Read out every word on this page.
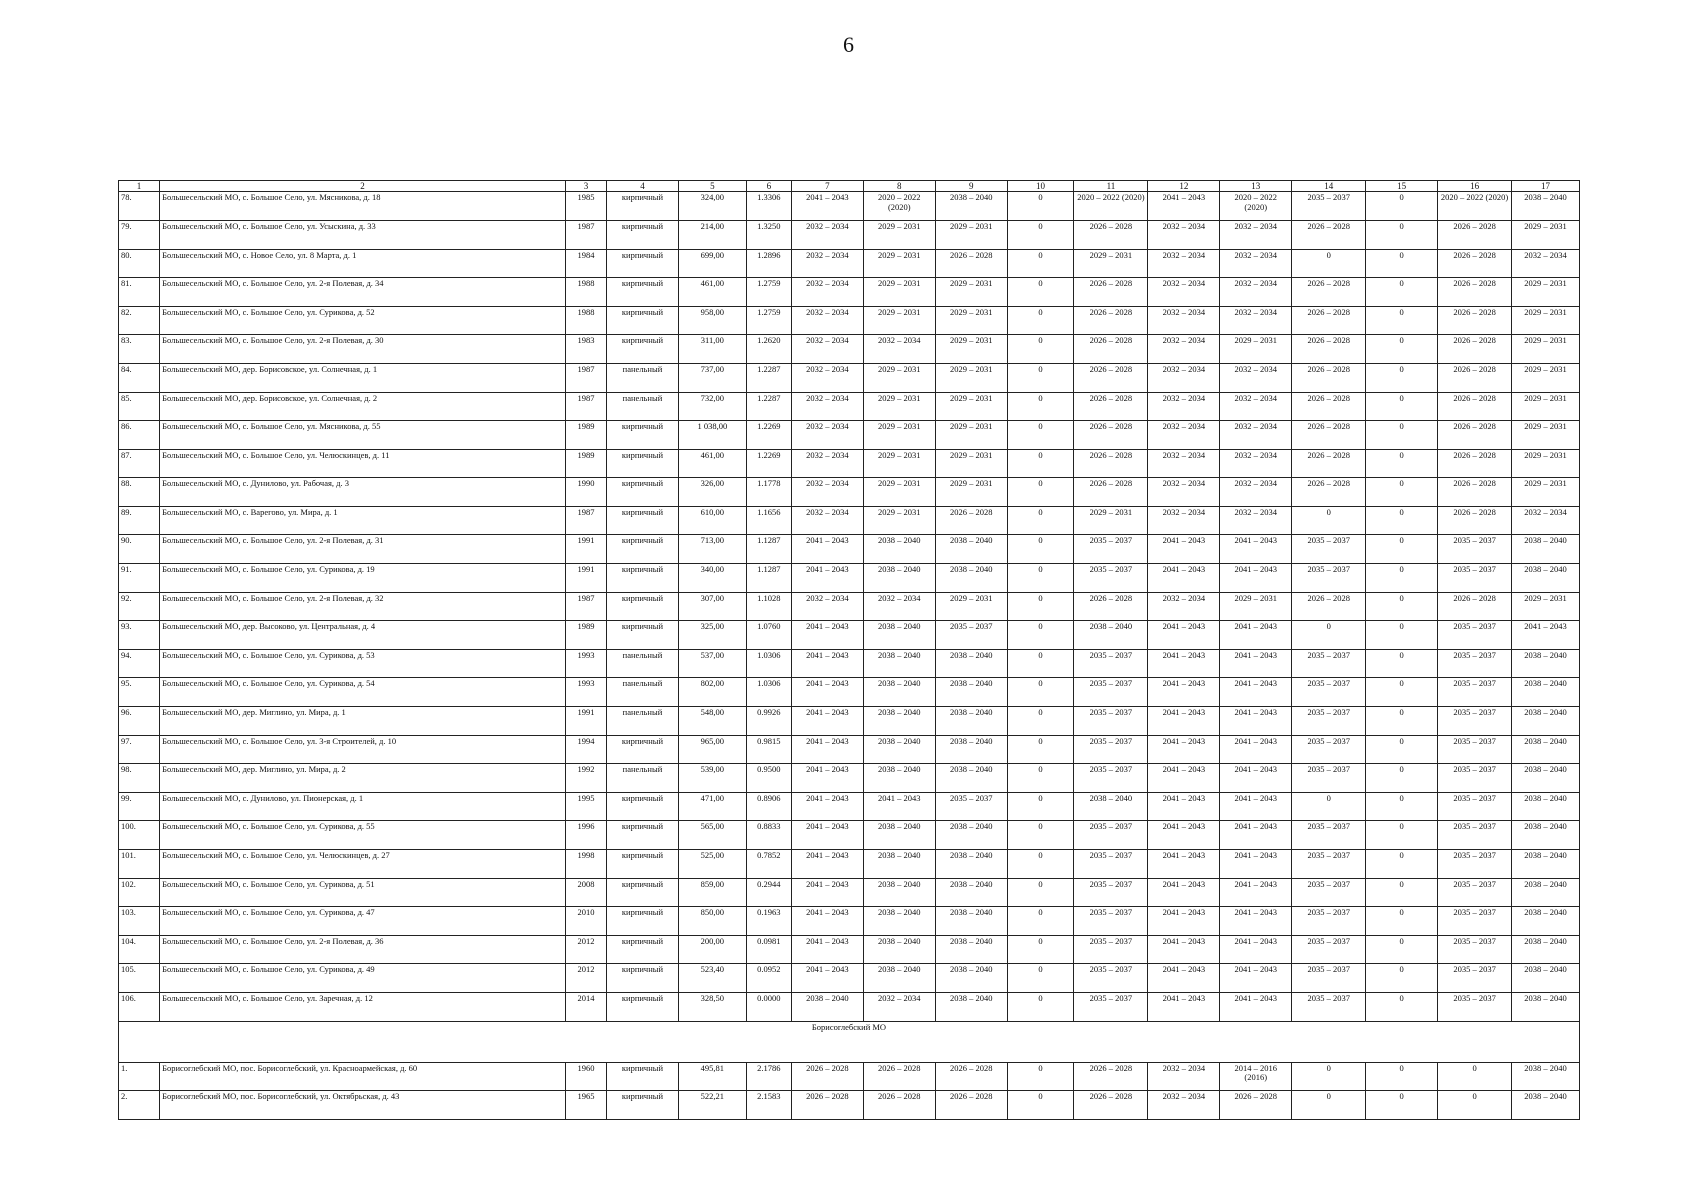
6
1	2	3	4	5	6	7	8	9	10	11	12	13	14	15	16	17
78.	Большесельский МО, с. Большое Село, ул. Мясникова, д. 18	1985	кирпичный	324,00	1.3306	2041 – 2043	2020 – 2022 (2020)	2038 – 2040	0	2020 – 2022 (2020)	2041 – 2043	2020 – 2022 (2020)	2035 – 2037	0	2020 – 2022 (2020)	2038 – 2040
79.	Большесельский МО, с. Большое Село, ул. Усыскина, д. 33	1987	кирпичный	214,00	1.3250	2032 – 2034	2029 – 2031	2029 – 2031	0	2026 – 2028	2032 – 2034	2032 – 2034	2026 – 2028	0	2026 – 2028	2029 – 2031
80.	Большесельский МО, с. Новое Село, ул. 8 Марта, д. 1	1984	кирпичный	699,00	1.2896	2032 – 2034	2029 – 2031	2026 – 2028	0	2029 – 2031	2032 – 2034	2032 – 2034	0	0	2026 – 2028	2032 – 2034
81.	Большесельский МО, с. Большое Село, ул. 2-я Полевая, д. 34	1988	кирпичный	461,00	1.2759	2032 – 2034	2029 – 2031	2029 – 2031	0	2026 – 2028	2032 – 2034	2032 – 2034	2026 – 2028	0	2026 – 2028	2029 – 2031
82.	Большесельский МО, с. Большое Село, ул. Сурикова, д. 52	1988	кирпичный	958,00	1.2759	2032 – 2034	2029 – 2031	2029 – 2031	0	2026 – 2028	2032 – 2034	2032 – 2034	2026 – 2028	0	2026 – 2028	2029 – 2031
83.	Большесельский МО, с. Большое Село, ул. 2-я Полевая, д. 30	1983	кирпичный	311,00	1.2620	2032 – 2034	2032 – 2034	2029 – 2031	0	2026 – 2028	2032 – 2034	2029 – 2031	2026 – 2028	0	2026 – 2028	2029 – 2031
84.	Большесельский МО, дер. Борисовское, ул. Солнечная, д. 1	1987	панельный	737,00	1.2287	2032 – 2034	2029 – 2031	2029 – 2031	0	2026 – 2028	2032 – 2034	2032 – 2034	2026 – 2028	0	2026 – 2028	2029 – 2031
85.	Большесельский МО, дер. Борисовское, ул. Солнечная, д. 2	1987	панельный	732,00	1.2287	2032 – 2034	2029 – 2031	2029 – 2031	0	2026 – 2028	2032 – 2034	2032 – 2034	2026 – 2028	0	2026 – 2028	2029 – 2031
86.	Большесельский МО, с. Большое Село, ул. Мясникова, д. 55	1989	кирпичный	1 038,00	1.2269	2032 – 2034	2029 – 2031	2029 – 2031	0	2026 – 2028	2032 – 2034	2032 – 2034	2026 – 2028	0	2026 – 2028	2029 – 2031
87.	Большесельский МО, с. Большое Село, ул. Челюскинцев, д. 11	1989	кирпичный	461,00	1.2269	2032 – 2034	2029 – 2031	2029 – 2031	0	2026 – 2028	2032 – 2034	2032 – 2034	2026 – 2028	0	2026 – 2028	2029 – 2031
88.	Большесельский МО, с. Дунилово, ул. Рабочая, д. 3	1990	кирпичный	326,00	1.1778	2032 – 2034	2029 – 2031	2029 – 2031	0	2026 – 2028	2032 – 2034	2032 – 2034	2026 – 2028	0	2026 – 2028	2029 – 2031
89.	Большесельский МО, с. Варегово, ул. Мира, д. 1	1987	кирпичный	610,00	1.1656	2032 – 2034	2029 – 2031	2026 – 2028	0	2029 – 2031	2032 – 2034	2032 – 2034	0	0	2026 – 2028	2032 – 2034
90.	Большесельский МО, с. Большое Село, ул. 2-я Полевая, д. 31	1991	кирпичный	713,00	1.1287	2041 – 2043	2038 – 2040	2038 – 2040	0	2035 – 2037	2041 – 2043	2041 – 2043	2035 – 2037	0	2035 – 2037	2038 – 2040
91.	Большесельский МО, с. Большое Село, ул. Сурикова, д. 19	1991	кирпичный	340,00	1.1287	2041 – 2043	2038 – 2040	2038 – 2040	0	2035 – 2037	2041 – 2043	2041 – 2043	2035 – 2037	0	2035 – 2037	2038 – 2040
92.	Большесельский МО, с. Большое Село, ул. 2-я Полевая, д. 32	1987	кирпичный	307,00	1.1028	2032 – 2034	2032 – 2034	2029 – 2031	0	2026 – 2028	2032 – 2034	2029 – 2031	2026 – 2028	0	2026 – 2028	2029 – 2031
93.	Большесельский МО, дер. Высоково, ул. Центральная, д. 4	1989	кирпичный	325,00	1.0760	2041 – 2043	2038 – 2040	2035 – 2037	0	2038 – 2040	2041 – 2043	2041 – 2043	0	0	2035 – 2037	2041 – 2043
94.	Большесельский МО, с. Большое Село, ул. Сурикова, д. 53	1993	панельный	537,00	1.0306	2041 – 2043	2038 – 2040	2038 – 2040	0	2035 – 2037	2041 – 2043	2041 – 2043	2035 – 2037	0	2035 – 2037	2038 – 2040
95.	Большесельский МО, с. Большое Село, ул. Сурикова, д. 54	1993	панельный	802,00	1.0306	2041 – 2043	2038 – 2040	2038 – 2040	0	2035 – 2037	2041 – 2043	2041 – 2043	2035 – 2037	0	2035 – 2037	2038 – 2040
96.	Большесельский МО, дер. Миглино, ул. Мира, д. 1	1991	панельный	548,00	0.9926	2041 – 2043	2038 – 2040	2038 – 2040	0	2035 – 2037	2041 – 2043	2041 – 2043	2035 – 2037	0	2035 – 2037	2038 – 2040
97.	Большесельский МО, с. Большое Село, ул. 3-я Строителей, д. 10	1994	кирпичный	965,00	0.9815	2041 – 2043	2038 – 2040	2038 – 2040	0	2035 – 2037	2041 – 2043	2041 – 2043	2035 – 2037	0	2035 – 2037	2038 – 2040
98.	Большесельский МО, дер. Миглино, ул. Мира, д. 2	1992	панельный	539,00	0.9500	2041 – 2043	2038 – 2040	2038 – 2040	0	2035 – 2037	2041 – 2043	2041 – 2043	2035 – 2037	0	2035 – 2037	2038 – 2040
99.	Большесельский МО, с. Дунилово, ул. Пионерская, д. 1	1995	кирпичный	471,00	0.8906	2041 – 2043	2041 – 2043	2035 – 2037	0	2038 – 2040	2041 – 2043	2041 – 2043	0	0	2035 – 2037	2038 – 2040
100.	Большесельский МО, с. Большое Село, ул. Сурикова, д. 55	1996	кирпичный	565,00	0.8833	2041 – 2043	2038 – 2040	2038 – 2040	0	2035 – 2037	2041 – 2043	2041 – 2043	2035 – 2037	0	2035 – 2037	2038 – 2040
101.	Большесельский МО, с. Большое Село, ул. Челюскинцев, д. 27	1998	кирпичный	525,00	0.7852	2041 – 2043	2038 – 2040	2038 – 2040	0	2035 – 2037	2041 – 2043	2041 – 2043	2035 – 2037	0	2035 – 2037	2038 – 2040
102.	Большесельский МО, с. Большое Село, ул. Сурикова, д. 51	2008	кирпичный	859,00	0.2944	2041 – 2043	2038 – 2040	2038 – 2040	0	2035 – 2037	2041 – 2043	2041 – 2043	2035 – 2037	0	2035 – 2037	2038 – 2040
103.	Большесельский МО, с. Большое Село, ул. Сурикова, д. 47	2010	кирпичный	850,00	0.1963	2041 – 2043	2038 – 2040	2038 – 2040	0	2035 – 2037	2041 – 2043	2041 – 2043	2035 – 2037	0	2035 – 2037	2038 – 2040
104.	Большесельский МО, с. Большое Село, ул. 2-я Полевая, д. 36	2012	кирпичный	200,00	0.0981	2041 – 2043	2038 – 2040	2038 – 2040	0	2035 – 2037	2041 – 2043	2041 – 2043	2035 – 2037	0	2035 – 2037	2038 – 2040
105.	Большесельский МО, с. Большое Село, ул. Сурикова, д. 49	2012	кирпичный	523,40	0.0952	2041 – 2043	2038 – 2040	2038 – 2040	0	2035 – 2037	2041 – 2043	2041 – 2043	2035 – 2037	0	2035 – 2037	2038 – 2040
106.	Большесельский МО, с. Большое Село, ул. Заречная, д. 12	2014	кирпичный	328,50	0.0000	2038 – 2040	2032 – 2034	2038 – 2040	0	2035 – 2037	2041 – 2043	2041 – 2043	2035 – 2037	0	2035 – 2037	2038 – 2040
Борисоглебский МО																
1.	Борисоглебский МО, пос. Борисоглебский, ул. Красноармейская, д. 60	1960	кирпичный	495,81	2.1786	2026 – 2028	2026 – 2028	2026 – 2028	0	2026 – 2028	2032 – 2034	2014 – 2016 (2016)	0	0	0	2038 – 2040
2.	Борисоглебский МО, пос. Борисоглебский, ул. Октябрьская, д. 43	1965	кирпичный	522,21	2.1583	2026 – 2028	2026 – 2028	2026 – 2028	0	2026 – 2028	2032 – 2034	2026 – 2028	0	0	0	2038 – 2040
